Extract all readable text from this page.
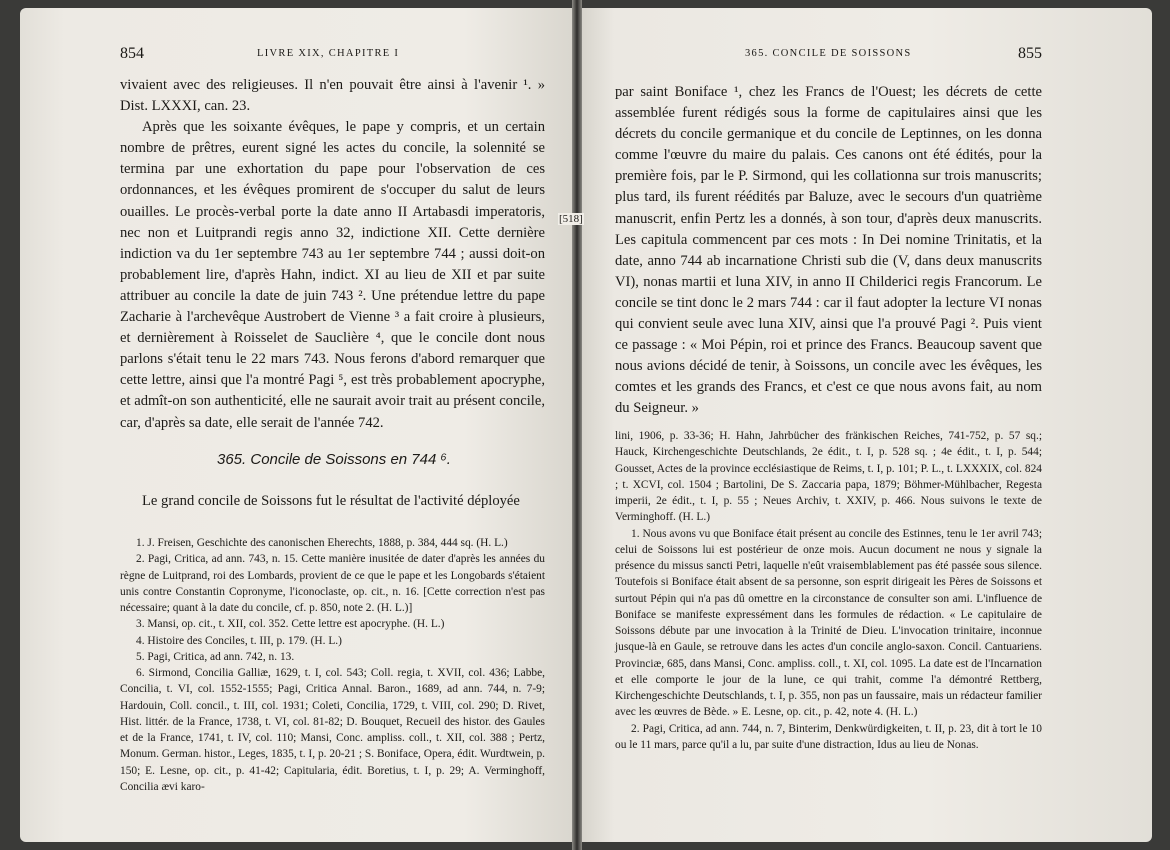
854	LIVRE XIX, CHAPITRE I

vivaient avec des religieuses. Il n'en pouvait être ainsi à l'avenir ¹. » Dist. LXXXI, can. 23.

Après que les soixante évêques, le pape y compris, et un certain nombre de prêtres, eurent signé les actes du concile, la solennité se termina par une exhortation du pape pour l'observation de ces ordonnances, et les évêques promirent de s'occuper du salut de leurs ouailles. Le procès-verbal porte la date anno II Artabasdi imperatoris, nec non et Luitprandi regis anno 32, indictione XII. Cette dernière indiction va du 1er septembre 743 au 1er septembre 744 ; aussi doit-on probablement lire, d'après Hahn, indict. XI au lieu de XII et par suite attribuer au concile la date de juin 743 ². Une prétendue lettre du pape Zacharie à l'archevêque Austrobert de Vienne ³ a fait croire à plusieurs, et dernièrement à Roisselet de Sauclière ⁴, que le concile dont nous parlons s'était tenu le 22 mars 743. Nous ferons d'abord remarquer que cette lettre, ainsi que l'a montré Pagi ⁵, est très probablement apocryphe, et admît-on son authenticité, elle ne saurait avoir trait au présent concile, car, d'après sa date, elle serait de l'année 742.

365. Concile de Soissons en 744 ⁶.

Le grand concile de Soissons fut le résultat de l'activité déployée

1. J. Freisen, Geschichte des canonischen Eherechts, 1888, p. 384, 444 sq. (H. L.)

2. Pagi, Critica, ad ann. 743, n. 15. Cette manière inusitée de dater d'après les années du règne de Luitprand, roi des Lombards, provient de ce que le pape et les Longobards s'étaient unis contre Constantin Copronyme, l'iconoclaste, op. cit., n. 16. [Cette correction n'est pas nécessaire; quant à la date du concile, cf. p. 850, note 2. (H. L.)]

3. Mansi, op. cit., t. XII, col. 352. Cette lettre est apocryphe. (H. L.)

4. Histoire des Conciles, t. III, p. 179. (H. L.)

5. Pagi, Critica, ad ann. 742, n. 13.

6. Sirmond, Concilia Galliæ, 1629, t. I, col. 543; Coll. regia, t. XVII, col. 436; Labbe, Concilia, t. VI, col. 1552-1555; Pagi, Critica Annal. Baron., 1689, ad ann. 744, n. 7-9; Hardouin, Coll. concil., t. III, col. 1931; Coleti, Concilia, 1729, t. VIII, col. 290; D. Rivet, Hist. littér. de la France, 1738, t. VI, col. 81-82; D. Bouquet, Recueil des histor. des Gaules et de la France, 1741, t. IV, col. 110; Mansi, Conc. ampliss. coll., t. XII, col. 388 ; Pertz, Monum. German. histor., Leges, 1835, t. I, p. 20-21 ; S. Boniface, Opera, édit. Wurdtwein, p. 150; E. Lesne, op. cit., p. 41-42; Capitularia, édit. Boretius, t. I, p. 29; A. Verminghoff, Concilia ævi karo-

365. CONCILE DE SOISSONS	855

par saint Boniface ¹, chez les Francs de l'Ouest; les décrets de cette assemblée furent rédigés sous la forme de capitulaires ainsi que les décrets du concile germanique et du concile de Leptinnes, on les donna comme l'œuvre du maire du palais. Ces canons ont été édités, pour la première fois, par le P. Sirmond, qui les collationna sur trois manuscrits; plus tard, ils furent réédités par Baluze, avec le secours d'un quatrième manuscrit, enfin Pertz les a donnés, à son tour, d'après deux manuscrits. Les capitula commencent par ces mots : In Dei nomine Trinitatis, et la date, anno 744 ab incarnatione Christi sub die (V, dans deux manuscrits VI), nonas martii et luna XIV, in anno II Childerici regis Francorum. Le concile se tint donc le 2 mars 744 : car il faut adopter la lecture VI nonas qui convient seule avec luna XIV, ainsi que l'a prouvé Pagi ². Puis vient ce passage : « Moi Pépin, roi et prince des Francs. Beaucoup savent que nous avions décidé de tenir, à Soissons, un concile avec les évêques, les comtes et les grands des Francs, et c'est ce que nous avons fait, au nom du Seigneur. »

lini, 1906, p. 33-36; H. Hahn, Jahrbücher des fränkischen Reiches, 741-752, p. 57 sq.; Hauck, Kirchengeschichte Deutschlands, 2e édit., t. I, p. 528 sq. ; 4e édit., t. I, p. 544; Gousset, Actes de la province ecclésiastique de Reims, t. I, p. 101; P. L., t. LXXXIX, col. 824 ; t. XCVI, col. 1504 ; Bartolini, De S. Zaccaria papa, 1879; Böhmer-Mühlbacher, Regesta imperii, 2e édit., t. I, p. 55 ; Neues Archiv, t. XXIV, p. 466. Nous suivons le texte de Verminghoff. (H. L.)

1. Nous avons vu que Boniface était présent au concile des Estinnes, tenu le 1er avril 743; celui de Soissons lui est postérieur de onze mois. Aucun document ne nous y signale la présence du missus sancti Petri, laquelle n'eût vraisemblablement pas été passée sous silence. Toutefois si Boniface était absent de sa personne, son esprit dirigeait les Pères de Soissons et surtout Pépin qui n'a pas dû omettre en la circonstance de consulter son ami. L'influence de Boniface se manifeste expressément dans les formules de rédaction. « Le capitulaire de Soissons débute par une invocation à la Trinité de Dieu. L'invocation trinitaire, inconnue jusque-là en Gaule, se retrouve dans les actes d'un concile anglo-saxon. Concil. Cantuariens. Provinciæ, 685, dans Mansi, Conc. ampliss. coll., t. XI, col. 1095. La date est de l'Incarnation et elle comporte le jour de la lune, ce qui trahit, comme l'a démontré Rettberg, Kirchengeschichte Deutschlands, t. I, p. 355, non pas un faussaire, mais un rédacteur familier avec les œuvres de Bède. » E. Lesne, op. cit., p. 42, note 4. (H. L.)

2. Pagi, Critica, ad ann. 744, n. 7, Binterim, Denkwürdigkeiten, t. II, p. 23, dit à tort le 10 ou le 11 mars, parce qu'il a lu, par suite d'une distraction, Idus au lieu de Nonas.

[518]
